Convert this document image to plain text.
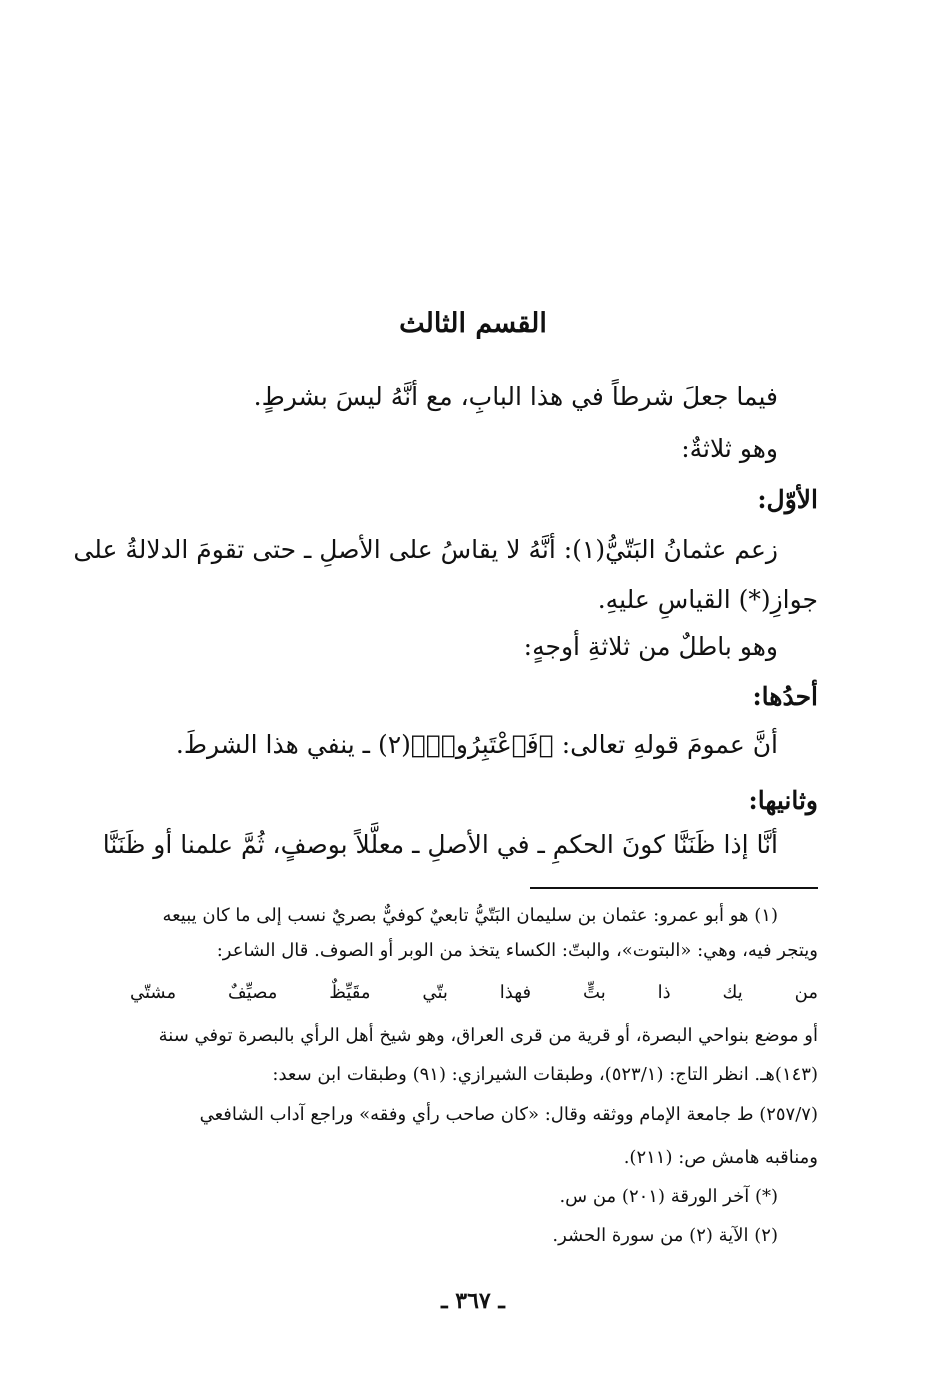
القسم الثالث
فيما جعلَ شرطاً في هذا البابِ، مع أنَّهُ ليسَ بشرطٍ.
وهو ثلاثةٌ:
الأوّل:
زعم عثمانُ البَتّيُّ(١): أنَّهُ لا يقاسُ على الأصلِ ـ حتى تقومَ الدلالةُ على
جوازِ(*) القياسِ عليهِ.
وهو باطلٌ من ثلاثةِ أوجهٍ:
أحدُها:
أنَّ عمومَ قولهِ تعالى: ﴿فَٱعْتَبِرُوا۟﴾(٢) ـ ينفي هذا الشرطَ.
وثانيها:
أنَّا إذا ظَنَنَّا كونَ الحكمِ ـ في الأصلِ ـ معلَّلاً بوصفٍ، ثُمَّ علمنا أو ظَنَنَّا
(١) هو أبو عمرو: عثمان بن سليمان البَتّيُّ تابعيٌ كوفيٌّ بصريٌ نسب إلى ما كان يبيعه
ويتجر فيه، وهي: «البتوت»، والبتّ: الكساء يتخذ من الوبر أو الصوف. قال الشاعر:
من يك ذا بتٍّ فهذا بتّي مقَيِّظٌ مصيِّفٌ مشتّي
أو موضع بنواحي البصرة، أو قرية من قرى العراق، وهو شيخ أهل الرأي بالبصرة توفي سنة
(١٤٣)هـ. انظر التاج: (٥٢٣/١)، وطبقات الشيرازي: (٩١) وطبقات ابن سعد:
(٢٥٧/٧) ط جامعة الإمام ووثقه وقال: «كان صاحب رأي وفقه» وراجع آداب الشافعي
ومناقبه هامش ص: (٢١١).
(*) آخر الورقة (٢٠١) من س.
(٢) الآية (٢) من سورة الحشر.
ـ ٣٦٧ ـ
